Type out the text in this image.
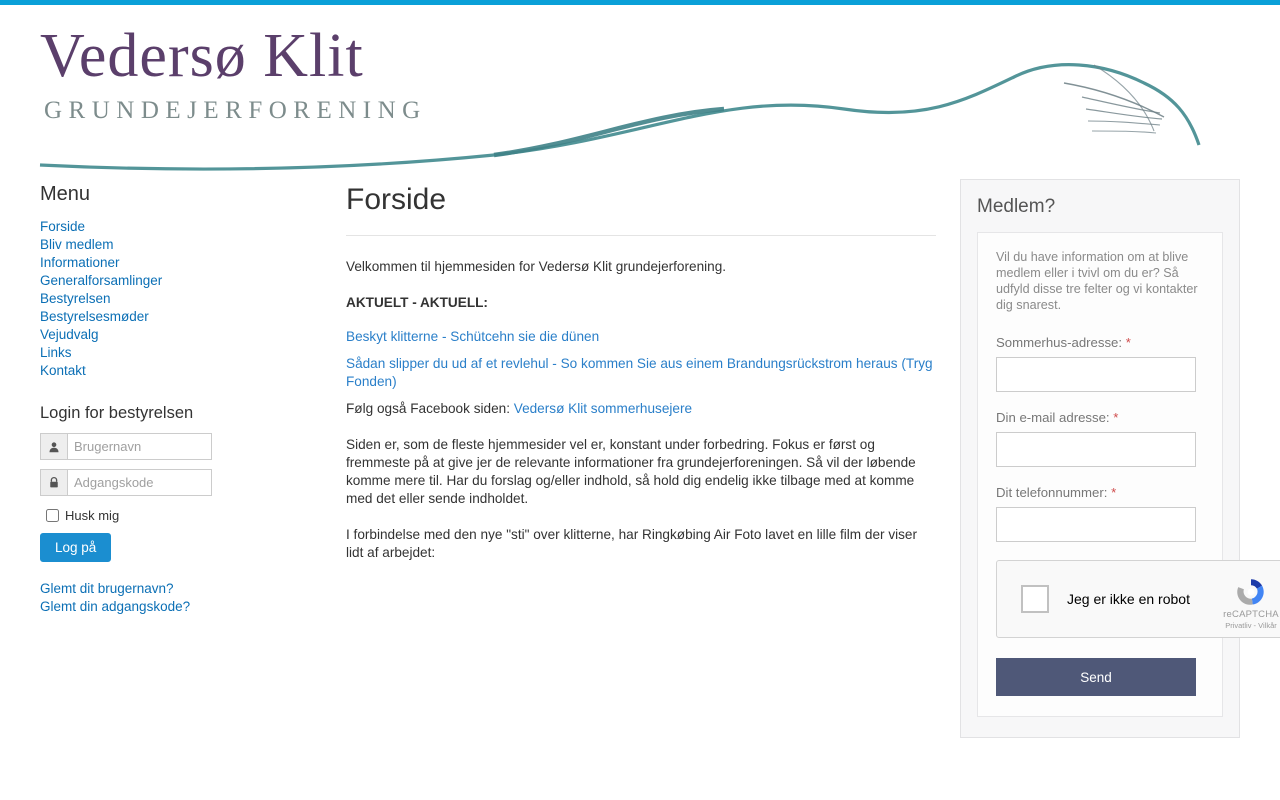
Vedersø Klit
GRUNDEJERFORENING
Menu
Forside
Bliv medlem
Informationer
Generalforsamlinger
Bestyrelsen
Bestyrelsesmøder
Vejudvalg
Links
Kontakt
Login for bestyrelsen
Brugernavn
Husk mig
Log på
Glemt dit brugernavn?
Glemt din adgangskode?
Forside

Velkommen til hjemmesiden for Vedersø Klit grundejerforening.

AKTUELT - AKTUELL:

Beskyt klitterne - Schütcehn sie die dünen

Sådan slipper du ud af et revlehul - So kommen Sie aus einem Brandungsrückstrom heraus (Tryg Fonden)

Følg også Facebook siden: Vedersø Klit sommerhusejere

Siden er, som de fleste hjemmesider vel er, konstant under forbedring. Fokus er først og fremmeste på at give jer de relevante informationer fra grundejerforeningen. Så vil der løbende komme mere til. Har du forslag og/eller indhold, så hold dig endelig ikke tilbage med at komme med det eller sende indholdet.

I forbindelse med den nye "sti" over klitterne, har Ringkøbing Air Foto lavet en lille film der viser lidt af arbejdet:

Medlem?

Vil du have information om at blive medlem eller i tvivl om du er? Så udfyld disse tre felter og vi kontakter dig snarest.

Sommerhus-adresse: *
Din e-mail adresse: *
Dit telefonnummer: *
Jeg er ikke en robot
reCAPTCHA
Privatliv - Vilkår
Send
